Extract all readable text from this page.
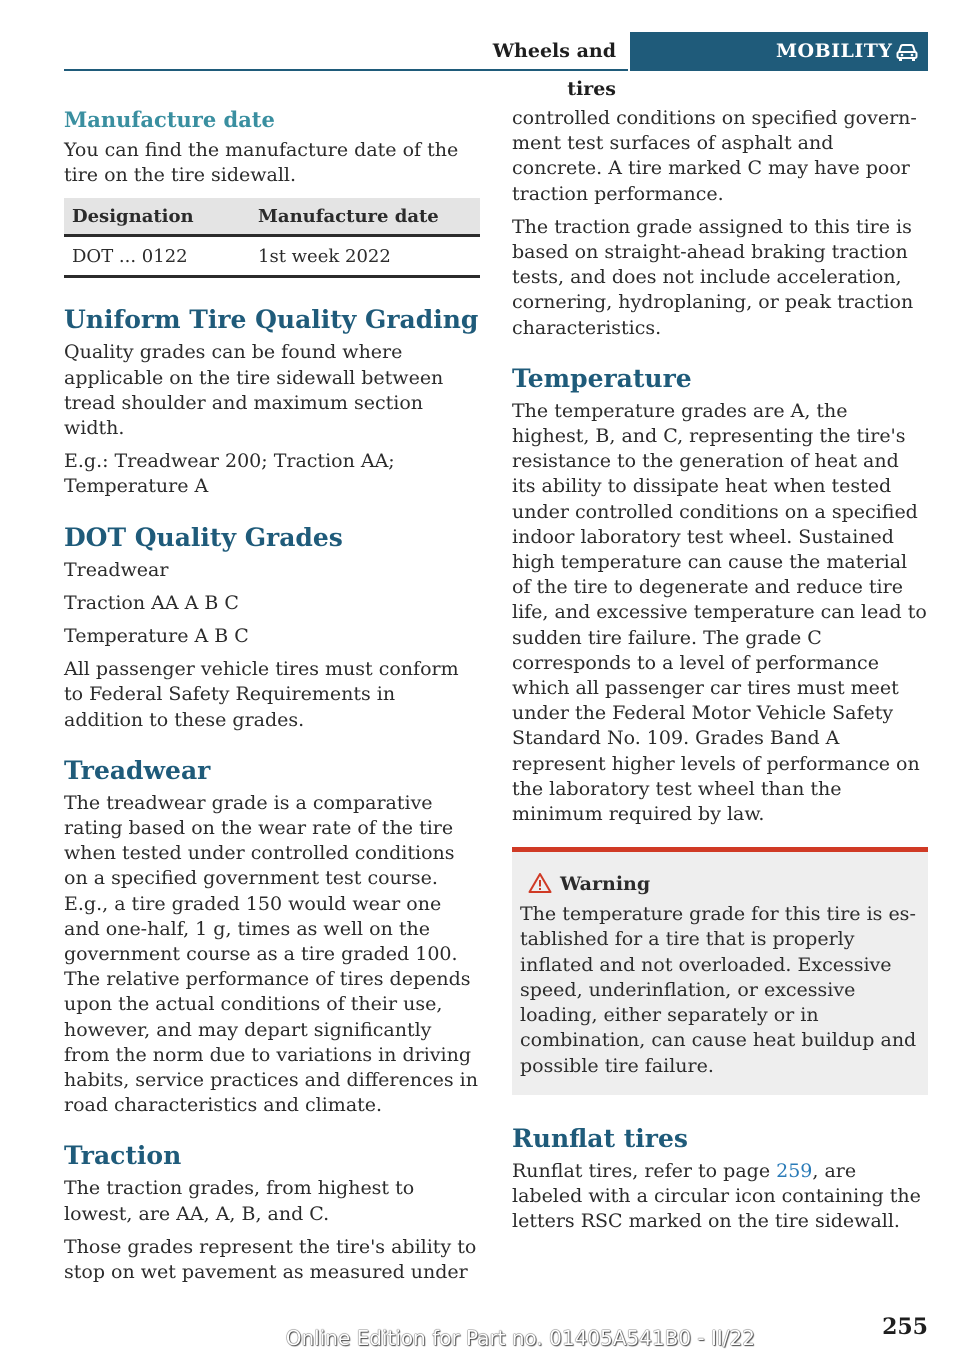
Wheels and tires
MOBILITY
Manufacture date

You can find the manufacture date of the tire on the tire sidewall.

Designation	Manufacture date
DOT ... 0122	1st week 2022
Uniform Tire Quality Grading

Quality grades can be found where applicable on the tire sidewall between tread shoulder and maximum section width.

E.g.: Treadwear 200; Traction AA; Temperature A

DOT Quality Grades

Treadwear

Traction AA A B C

Temperature A B C

All passenger vehicle tires must conform to Federal Safety Requirements in addition to these grades.

Treadwear

The treadwear grade is a comparative rating based on the wear rate of the tire when tested under controlled conditions on a specified government test course. E.g., a tire graded 150 would wear one and one-half, 1 g, times as well on the government course as a tire graded 100. The relative performance of tires depends upon the actual conditions of their use, however, and may depart significantly from the norm due to variations in driving habits, service practices and differences in road characteristics and climate.

Traction

The traction grades, from highest to lowest, are AA, A, B, and C.

Those grades represent the tire's ability to stop on wet pavement as measured under

controlled conditions on specified government test surfaces of asphalt and concrete. A tire marked C may have poor traction performance.

The traction grade assigned to this tire is based on straight-ahead braking traction tests, and does not include acceleration, cornering, hydroplaning, or peak traction characteristics.

Temperature

The temperature grades are A, the highest, B, and C, representing the tire's resistance to the generation of heat and its ability to dissipate heat when tested under controlled conditions on a specified indoor laboratory test wheel. Sustained high temperature can cause the material of the tire to degenerate and reduce tire life, and excessive temperature can lead to sudden tire failure. The grade C corresponds to a level of performance which all passenger car tires must meet under the Federal Motor Vehicle Safety Standard No. 109. Grades Band A represent higher levels of performance on the laboratory test wheel than the minimum required by law.

Warning

The temperature grade for this tire is established for a tire that is properly inflated and not overloaded. Excessive speed, underinflation, or excessive loading, either separately or in combination, can cause heat buildup and possible tire failure.

Runflat tires

Runflat tires, refer to page 259, are labeled with a circular icon containing the letters RSC marked on the tire sidewall.

Online Edition for Part no. 01405A541B0 - II/22	255
